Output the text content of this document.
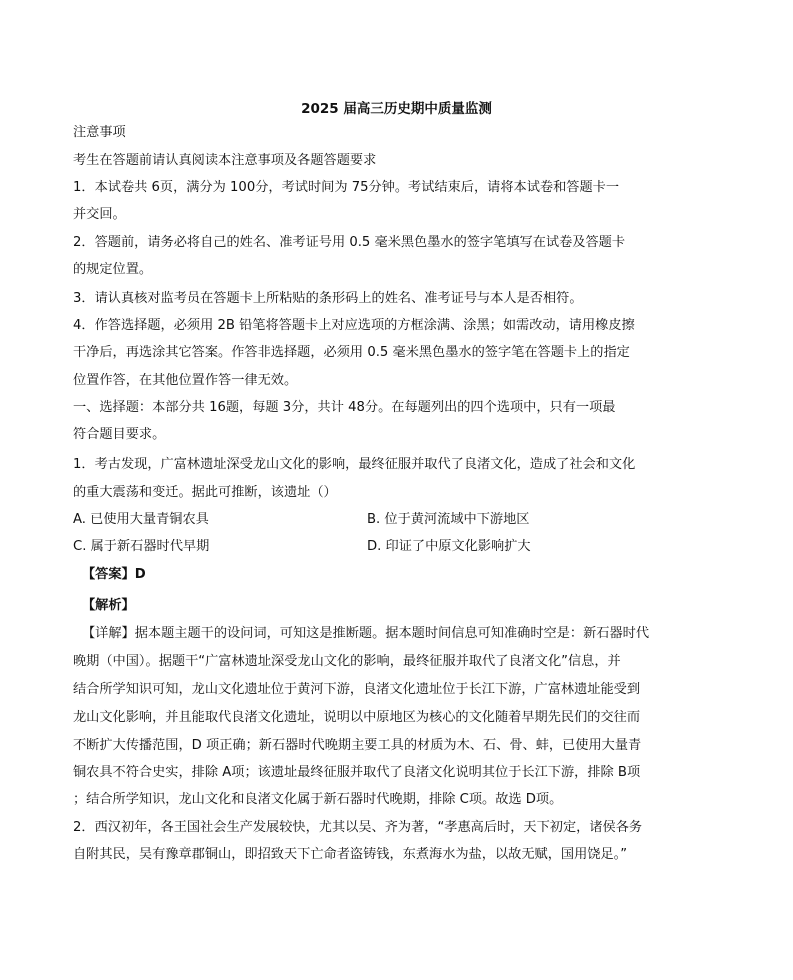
2025 届高三历史期中质量监测
注意事项
考生在答题前请认真阅读本注意事项及各题答题要求
1．本试卷共 6页，满分为 100分，考试时间为 75分钟。考试结束后，请将本试卷和答题卡一
并交回。
2．答题前，请务必将自己的姓名、准考证号用 0.5 毫米黑色墨水的签字笔填写在试卷及答题卡
的规定位置。
3．请认真核对监考员在答题卡上所粘贴的条形码上的姓名、准考证号与本人是否相符。
4．作答选择题，必须用 2B 铅笔将答题卡上对应选项的方框涂满、涂黑；如需改动，请用橡皮擦
干净后，再选涂其它答案。作答非选择题，必须用 0.5 毫米黑色墨水的签字笔在答题卡上的指定
位置作答，在其他位置作答一律无效。
一、选择题：本部分共 16题，每题 3分，共计 48分。在每题列出的四个选项中，只有一项最
符合题目要求。
1．考古发现，广富林遗址深受龙山文化的影响，最终征服并取代了良渚文化，造成了社会和文化
的重大震荡和变迁。据此可推断，该遗址（）
A. 已使用大量青铜农具	B. 位于黄河流域中下游地区
C. 属于新石器时代早期	D. 印证了中原文化影响扩大
【答案】D
【解析】
【详解】据本题主题干的设问词，可知这是推断题。据本题时间信息可知准确时空是：新石器时代
晚期（中国）。据题干“广富林遗址深受龙山文化的影响，最终征服并取代了良渚文化”信息，并
结合所学知识可知，龙山文化遗址位于黄河下游，良渚文化遗址位于长江下游，广富林遗址能受到
龙山文化影响，并且能取代良渚文化遗址，说明以中原地区为核心的文化随着早期先民们的交往而
不断扩大传播范围，D 项正确；新石器时代晚期主要工具的材质为木、石、骨、蚌，已使用大量青
铜农具不符合史实，排除 A项；该遗址最终征服并取代了良渚文化说明其位于长江下游，排除 B项
；结合所学知识，龙山文化和良渚文化属于新石器时代晚期，排除 C项。故选 D项。
2．西汉初年，各王国社会生产发展较快，尤其以吴、齐为著，“孝惠高后时，天下初定，诸侯各务
自附其民，吴有豫章郡铜山，即招致天下亡命者盗铸钱，东煮海水为盐，以故无赋，国用饶足。”
